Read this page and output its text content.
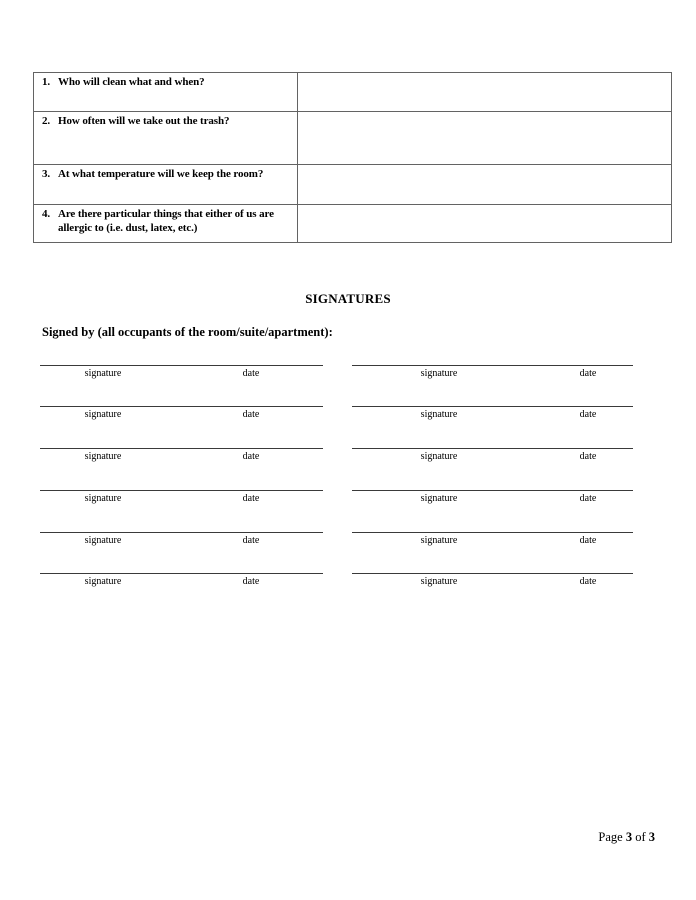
1. Who will clean what and when?	

2. How often will we take out the trash?	

3. At what temperature will we keep the room?	

4. Are there particular things that either of us are allergic to (i.e. dust, latex, etc.)	

SIGNATURES
Signed by (all occupants of the room/suite/apartment):
signature	date	signature	date
signature	date	signature	date
signature	date	signature	date
signature	date	signature	date
signature	date	signature	date
signature	date	signature	date
Page 3 of 3
